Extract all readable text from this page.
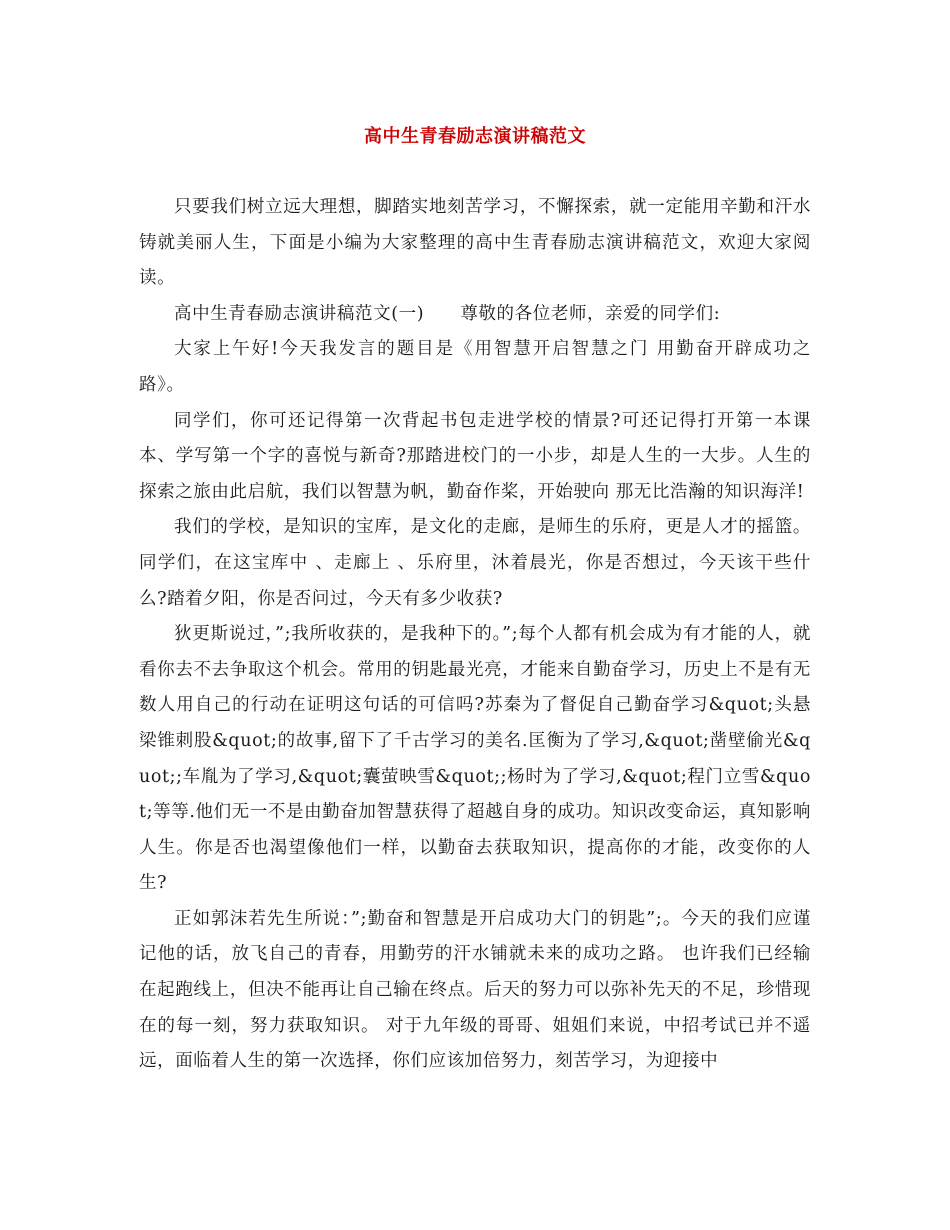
高中生青春励志演讲稿范文

只要我们树立远大理想，脚踏实地刻苦学习，不懈探索，就一定能用辛勤和汗水铸就美丽人生，下面是小编为大家整理的高中生青春励志演讲稿范文，欢迎大家阅读。

高中生青春励志演讲稿范文(一)　　尊敬的各位老师，亲爱的同学们:

大家上午好!今天我发言的题目是《用智慧开启智慧之门 用勤奋开辟成功之路》。

同学们，你可还记得第一次背起书包走进学校的情景?可还记得打开第一本课本、学写第一个字的喜悦与新奇?那踏进校门的一小步，却是人生的一大步。人生的探索之旅由此启航，我们以智慧为帆，勤奋作桨，开始驶向 那无比浩瀚的知识海洋!

我们的学校，是知识的宝库，是文化的走廊，是师生的乐府，更是人才的摇篮。同学们，在这宝库中 、走廊上 、乐府里，沐着晨光，你是否想过，今天该干些什么?踏着夕阳，你是否问过，今天有多少收获?

狄更斯说过，”;我所收获的，是我种下的。”;每个人都有机会成为有才能的人，就看你去不去争取这个机会。常用的钥匙最光亮，才能来自勤奋学习，历史上不是有无数人用自己的行动在证明这句话的可信吗?苏秦为了督促自己勤奋学习&quot;头悬梁锥刺股&quot;的故事,留下了千古学习的美名.匡衡为了学习,&quot;凿壁偷光&quot;;车胤为了学习,&quot;囊萤映雪&quot;;杨时为了学习,&quot;程门立雪&quot;等等.他们无一不是由勤奋加智慧获得了超越自身的成功。知识改变命运，真知影响人生。你是否也渴望像他们一样，以勤奋去获取知识，提高你的才能，改变你的人生?

正如郭沫若先生所说：”;勤奋和智慧是开启成功大门的钥匙”;。今天的我们应谨记他的话，放飞自己的青春，用勤劳的汗水铺就未来的成功之路。 也许我们已经输在起跑线上，但决不能再让自己输在终点。后天的努力可以弥补先天的不足，珍惜现在的每一刻，努力获取知识。 对于九年级的哥哥、姐姐们来说，中招考试已并不遥远，面临着人生的第一次选择，你们应该加倍努力，刻苦学习，为迎接中
